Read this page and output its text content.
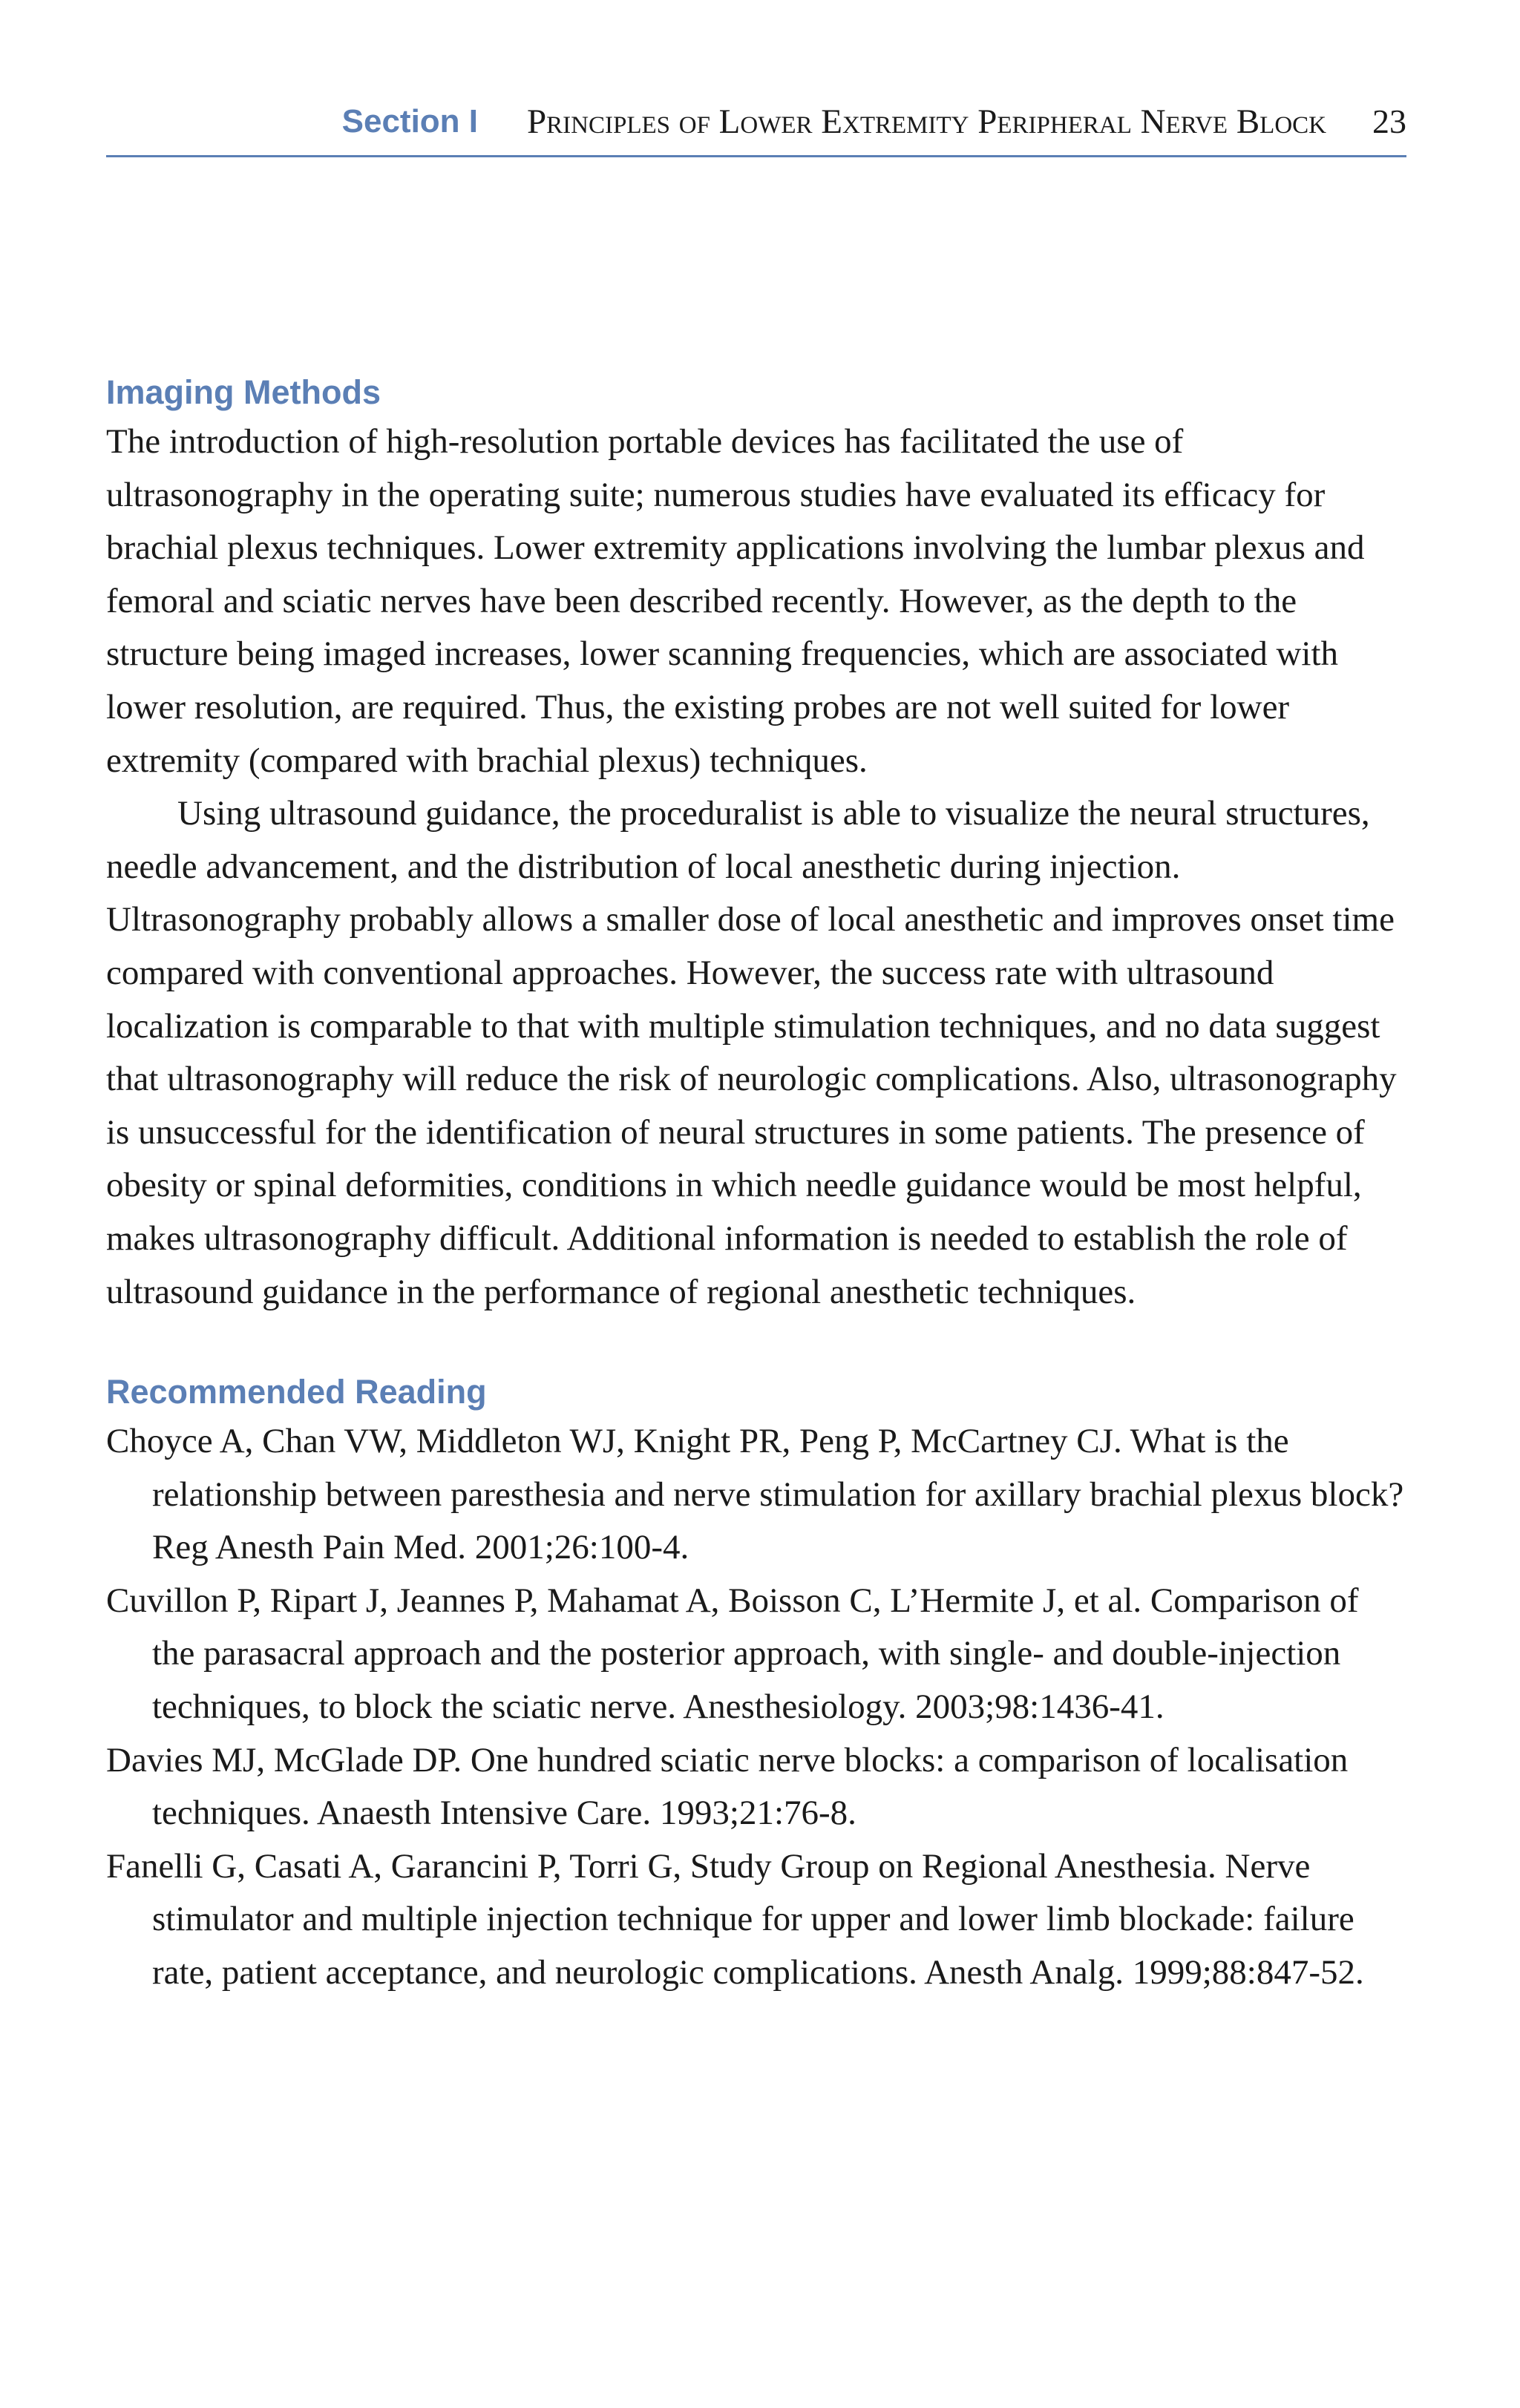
Section I Principles of Lower Extremity Peripheral Nerve Block 23
Imaging Methods

The introduction of high-resolution portable devices has facilitated the use of ultrasonography in the operating suite; numerous studies have evaluated its efficacy for brachial plexus techniques. Lower extremity applications involving the lumbar plexus and femoral and sciatic nerves have been described recently. However, as the depth to the structure being imaged increases, lower scanning frequencies, which are associated with lower resolution, are required. Thus, the existing probes are not well suited for lower extremity (compared with brachial plexus) techniques.

Using ultrasound guidance, the proceduralist is able to visualize the neural structures, needle advancement, and the distribution of local anesthetic during injection. Ultrasonography probably allows a smaller dose of local anesthetic and improves onset time compared with conventional approaches. However, the success rate with ultrasound localization is comparable to that with multiple stimulation techniques, and no data suggest that ultrasonography will reduce the risk of neurologic complications. Also, ultrasonography is unsuccessful for the identification of neural structures in some patients. The presence of obesity or spinal deformities, conditions in which needle guidance would be most helpful, makes ultrasonography difficult. Additional information is needed to establish the role of ultrasound guidance in the performance of regional anesthetic techniques.

Recommended Reading
Choyce A, Chan VW, Middleton WJ, Knight PR, Peng P, McCartney CJ. What is the relationship between paresthesia and nerve stimulation for axillary brachial plexus block? Reg Anesth Pain Med. 2001;26:100-4.
Cuvillon P, Ripart J, Jeannes P, Mahamat A, Boisson C, L’Hermite J, et al. Comparison of the parasacral approach and the posterior approach, with single- and double-injection techniques, to block the sciatic nerve. Anesthesiology. 2003;98:1436-41.
Davies MJ, McGlade DP. One hundred sciatic nerve blocks: a comparison of localisation techniques. Anaesth Intensive Care. 1993;21:76-8.
Fanelli G, Casati A, Garancini P, Torri G, Study Group on Regional Anesthesia. Nerve stimulator and multiple injection technique for upper and lower limb blockade: failure rate, patient acceptance, and neurologic complications. Anesth Analg. 1999;88:847-52.
